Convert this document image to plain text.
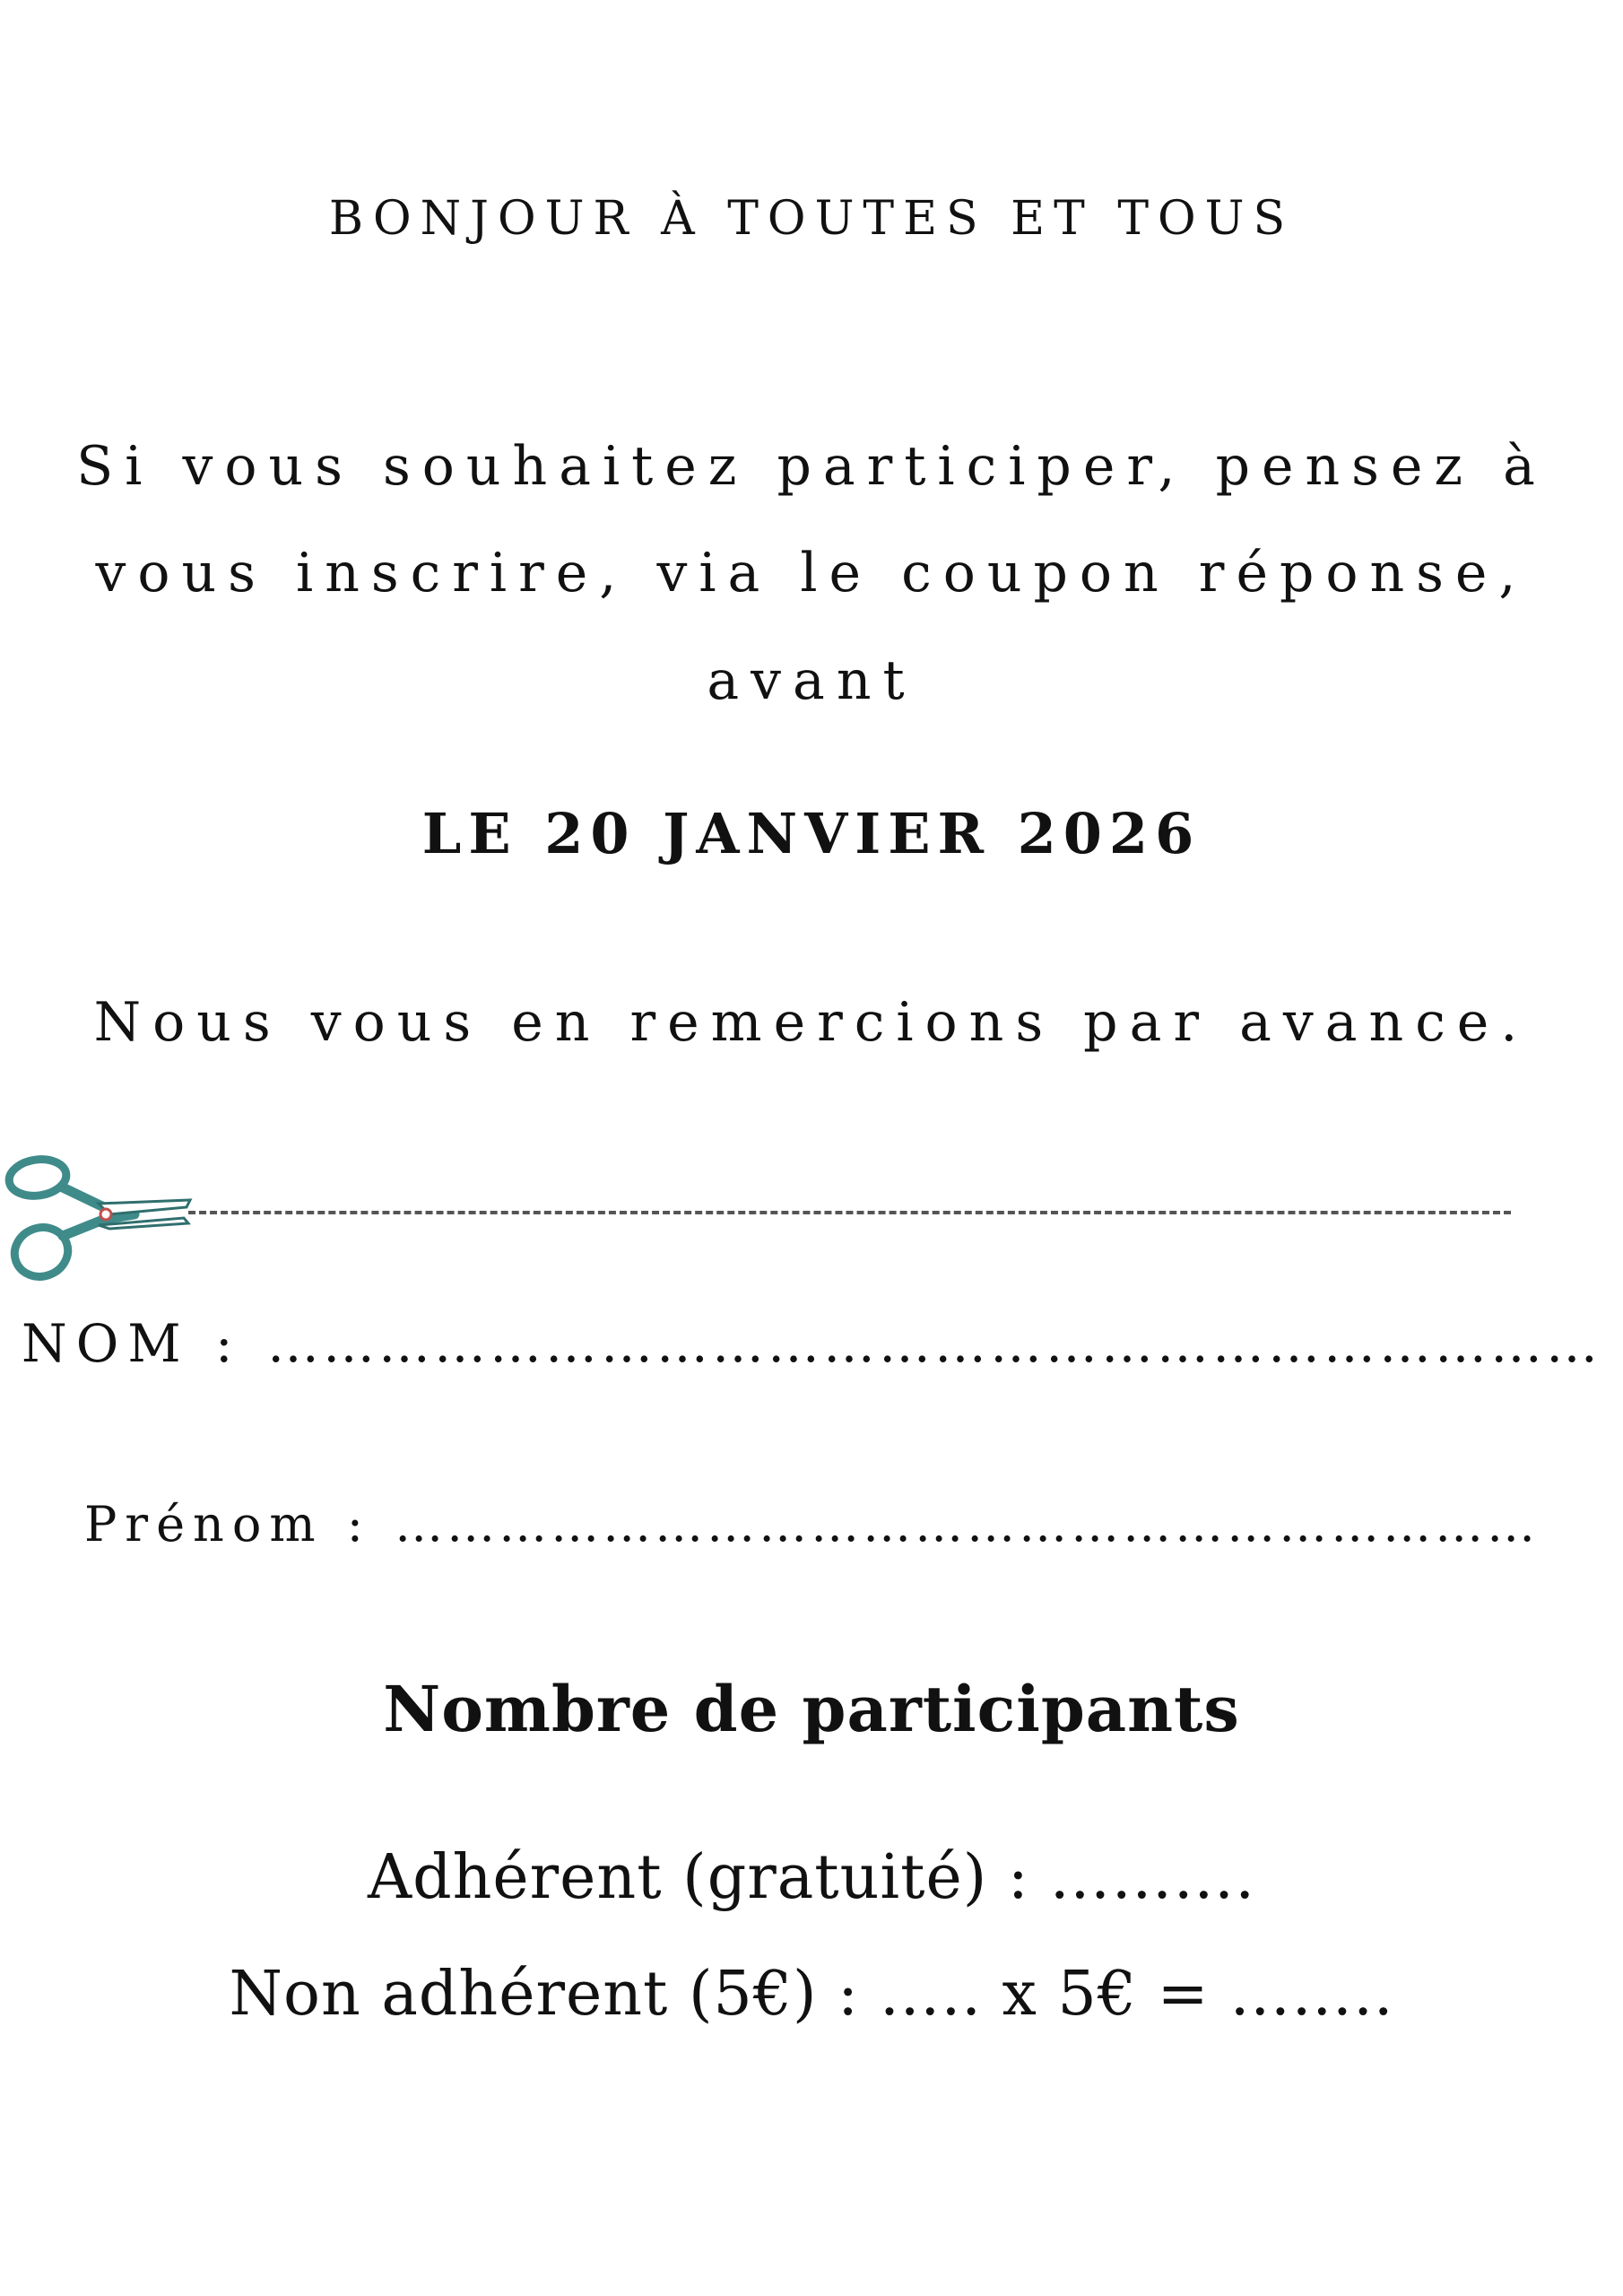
BONJOUR À TOUTES ET TOUS
Si vous souhaitez participer, pensez à
vous inscrire, via le coupon réponse,
avant
LE 20 JANVIER 2026
Nous vous en remercions par avance.
NOM : ………………………………………………………………
Prénom : …………………………………………………………
Nombre de participants
Adhérent (gratuité) : ……….
Non adhérent (5€) : ….. x 5€ = ……..
